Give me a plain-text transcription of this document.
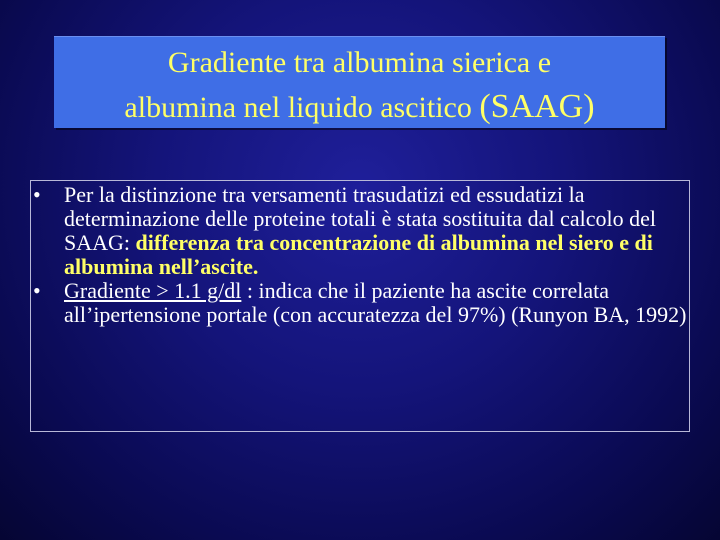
Gradiente tra albumina sierica e
albumina nel liquido ascitico (SAAG)
• Per la distinzione tra versamenti trasudatizi ed essudatizi la determinazione delle proteine totali è stata sostituita dal calcolo del SAAG: differenza tra concentrazione di albumina nel siero e di albumina nell’ascite.
• Gradiente > 1.1 g/dl : indica che il paziente ha ascite correlata all’ipertensione portale (con accuratezza del 97%) (Runyon BA, 1992)
